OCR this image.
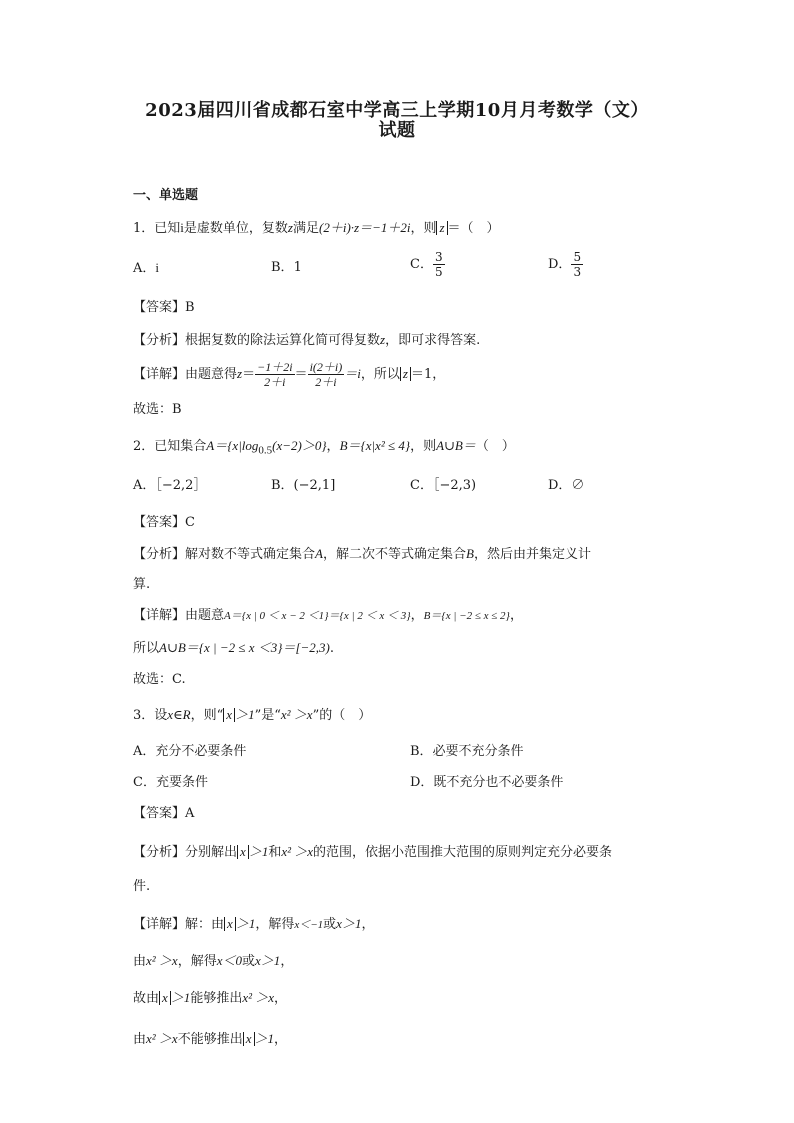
2023届四川省成都石室中学高三上学期10月月考数学（文）
试题
一、单选题
1．已知i是虚数单位，复数z满足(2＋i)·z＝−1＋2i，则 z ＝（　）
A．i	B．1	C． $\frac{3}{5}$	D． $\frac{5}{3}$
【答案】B
【分析】根据复数的除法运算化简可得复数z，即可求得答案.
【详解】由题意得$z= \frac{-1+2i}{2+i} = \frac{i(2+i)}{2+i} =i$，所以 z ＝1，
故选：B
2．已知集合$A=\{x|\log_{0.5}(x-2)>0\}$，B＝{x|x² ≤ 4}，则A∪B＝（　）
A．［−2,2］	B．(−2,1]	C．［−2,3)	D．∅
【答案】C
【分析】解对数不等式确定集合A，解二次不等式确定集合B，然后由并集定义计
算.
【详解】由题意A＝{x | 0 ＜ x − 2 ＜1}＝{x | 2 ＜ x ＜ 3}，B＝{x | −2 ≤ x ≤ 2}，
所以A∪B＝{x | −2 ≤ x ＜3}＝[−2,3).
故选：C.
3．设x∈R，则“ x ＞1”是“x² ＞x”的（　）
A．充分不必要条件	B．必要不充分条件
C．充要条件	D．既不充分也不必要条件
【答案】A
【分析】分别解出 x ＞1和x² ＞x的范围，依据小范围推大范围的原则判定充分必要条
件.
【详解】解：由 x ＞1，解得x＜−1或x＞1，
由x² ＞x，解得x＜0或x＞1，
故由 x ＞1能够推出x² ＞x，
由x² ＞x不能够推出 x ＞1，
